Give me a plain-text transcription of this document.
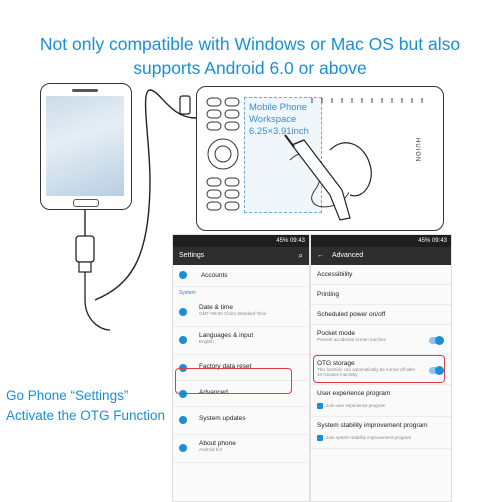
Not only compatible with Windows or Mac OS but also
supports Android 6.0 or above
Mobile Phone
Workspace
6.25×3.91inch
HUION
45% 09:43
Settings	⌕
Accounts
System
Date & time
GMT+08:00 China Standard Time
Languages & input
English
Factory data reset
Advanced
System updates
About phone
Android 6.0
45% 09:43
← Advanced
Accessibility
Printing
Scheduled power on/off
Pocket mode
Prevent accidental screen touches
OTG storage
This function can automatically be turned off after 10 minutes inactivity
User experience program
Join user experience program
System stability improvement program
Join system stability improvement program
Go Phone “Settings”
Activate the OTG Function
